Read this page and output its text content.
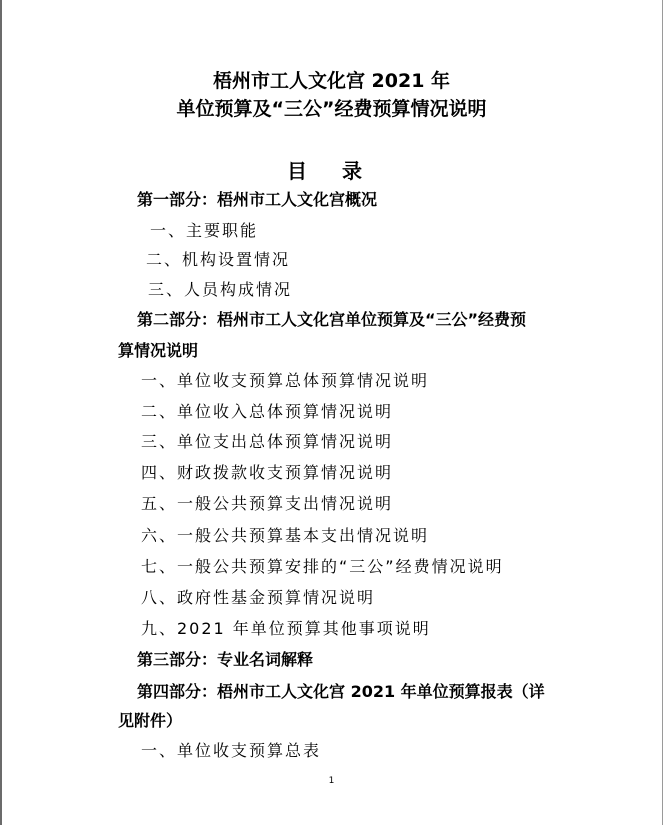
梧州市工人文化宫 2021 年
单位预算及“三公”经费预算情况说明
目 录
第一部分：梧州市工人文化宫概况
一、主要职能
二、机构设置情况
三、人员构成情况
第二部分：梧州市工人文化宫单位预算及“三公”经费预
算情况说明
一、单位收支预算总体预算情况说明
二、单位收入总体预算情况说明
三、单位支出总体预算情况说明
四、财政拨款收支预算情况说明
五、一般公共预算支出情况说明
六、一般公共预算基本支出情况说明
七、一般公共预算安排的“三公”经费情况说明
八、政府性基金预算情况说明
九、2021 年单位预算其他事项说明
第三部分：专业名词解释
第四部分：梧州市工人文化宫 2021 年单位预算报表（详
见附件）
一、单位收支预算总表
1
